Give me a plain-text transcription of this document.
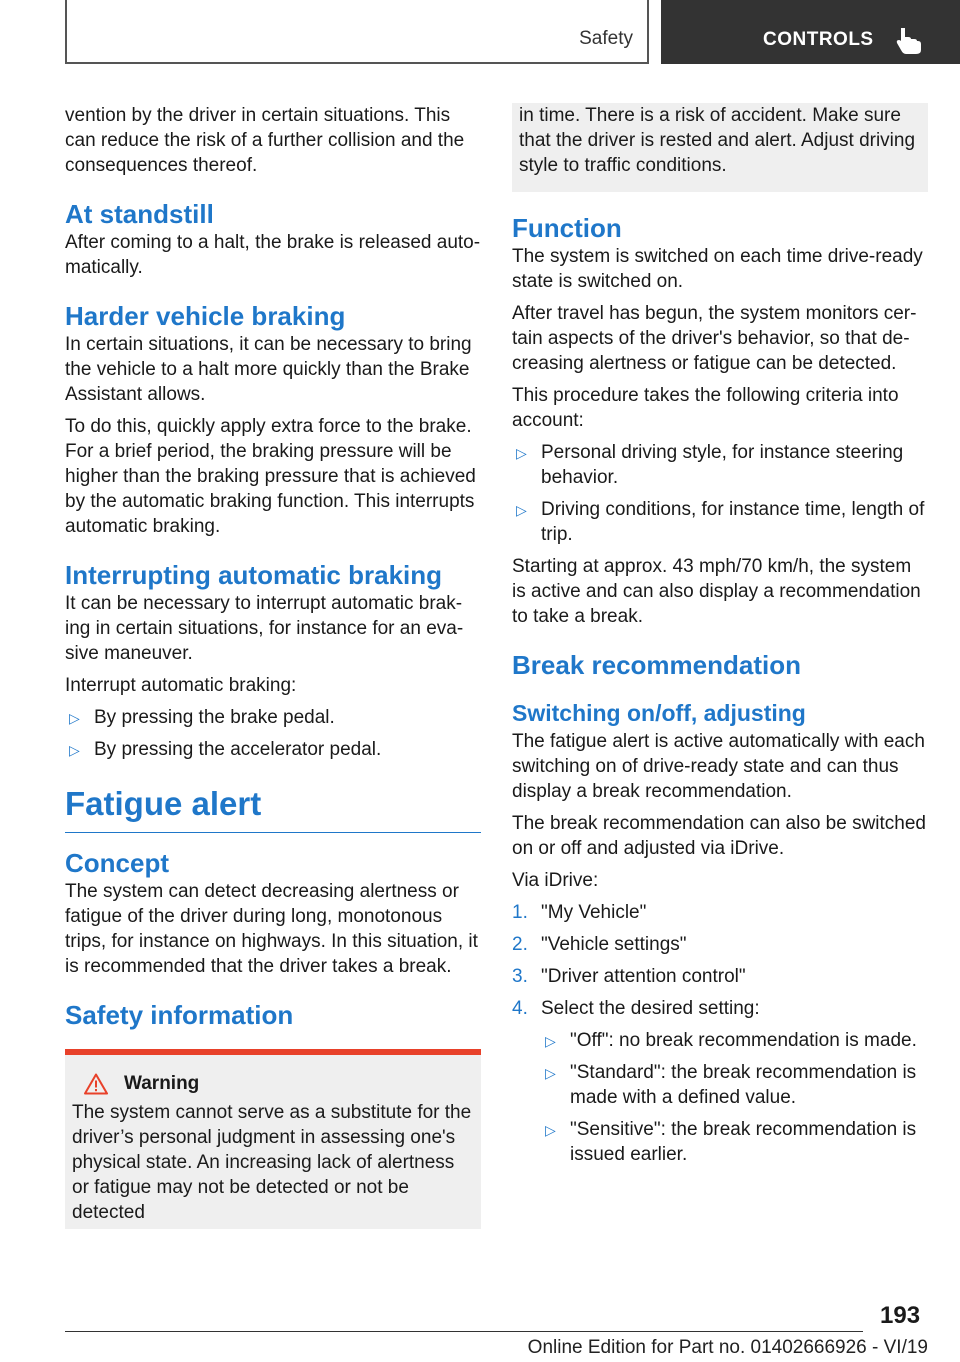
Safety	CONTROLS

vention by the driver in certain situations. This can reduce the risk of a further collision and the consequences thereof.

At standstill

After coming to a halt, the brake is released automatically.

Harder vehicle braking

In certain situations, it can be necessary to bring the vehicle to a halt more quickly than the Brake Assistant allows.

To do this, quickly apply extra force to the brake. For a brief period, the braking pressure will be higher than the braking pressure that is achieved by the automatic braking function. This interrupts automatic braking.

Interrupting automatic braking

It can be necessary to interrupt automatic braking in certain situations, for instance for an evasive maneuver.

Interrupt automatic braking:

▷ By pressing the brake pedal.
▷ By pressing the accelerator pedal.
Fatigue alert
Concept

The system can detect decreasing alertness or fatigue of the driver during long, monotonous trips, for instance on highways. In this situation, it is recommended that the driver takes a break.

Safety information
Warning

The system cannot serve as a substitute for the driver’s personal judgment in assessing one's physical state. An increasing lack of alertness or fatigue may not be detected or not be detected

in time. There is a risk of accident. Make sure that the driver is rested and alert. Adjust driving style to traffic conditions.

Function

The system is switched on each time drive-ready state is switched on.

After travel has begun, the system monitors certain aspects of the driver's behavior, so that decreasing alertness or fatigue can be detected.

This procedure takes the following criteria into account:

▷ Personal driving style, for instance steering behavior.
▷ Driving conditions, for instance time, length of trip.

Starting at approx. 43 mph/70 km/h, the system is active and can also display a recommendation to take a break.

Break recommendation
Switching on/off, adjusting

The fatigue alert is active automatically with each switching on of drive-ready state and can thus display a break recommendation.

The break recommendation can also be switched on or off and adjusted via iDrive.

Via iDrive:

1. "My Vehicle"
2. "Vehicle settings"
3. "Driver attention control"
4. Select the desired setting:
▷ "Off": no break recommendation is made.
▷ "Standard": the break recommendation is made with a defined value.
▷ "Sensitive": the break recommendation is issued earlier.
193
Online Edition for Part no. 01402666926 - VI/19
